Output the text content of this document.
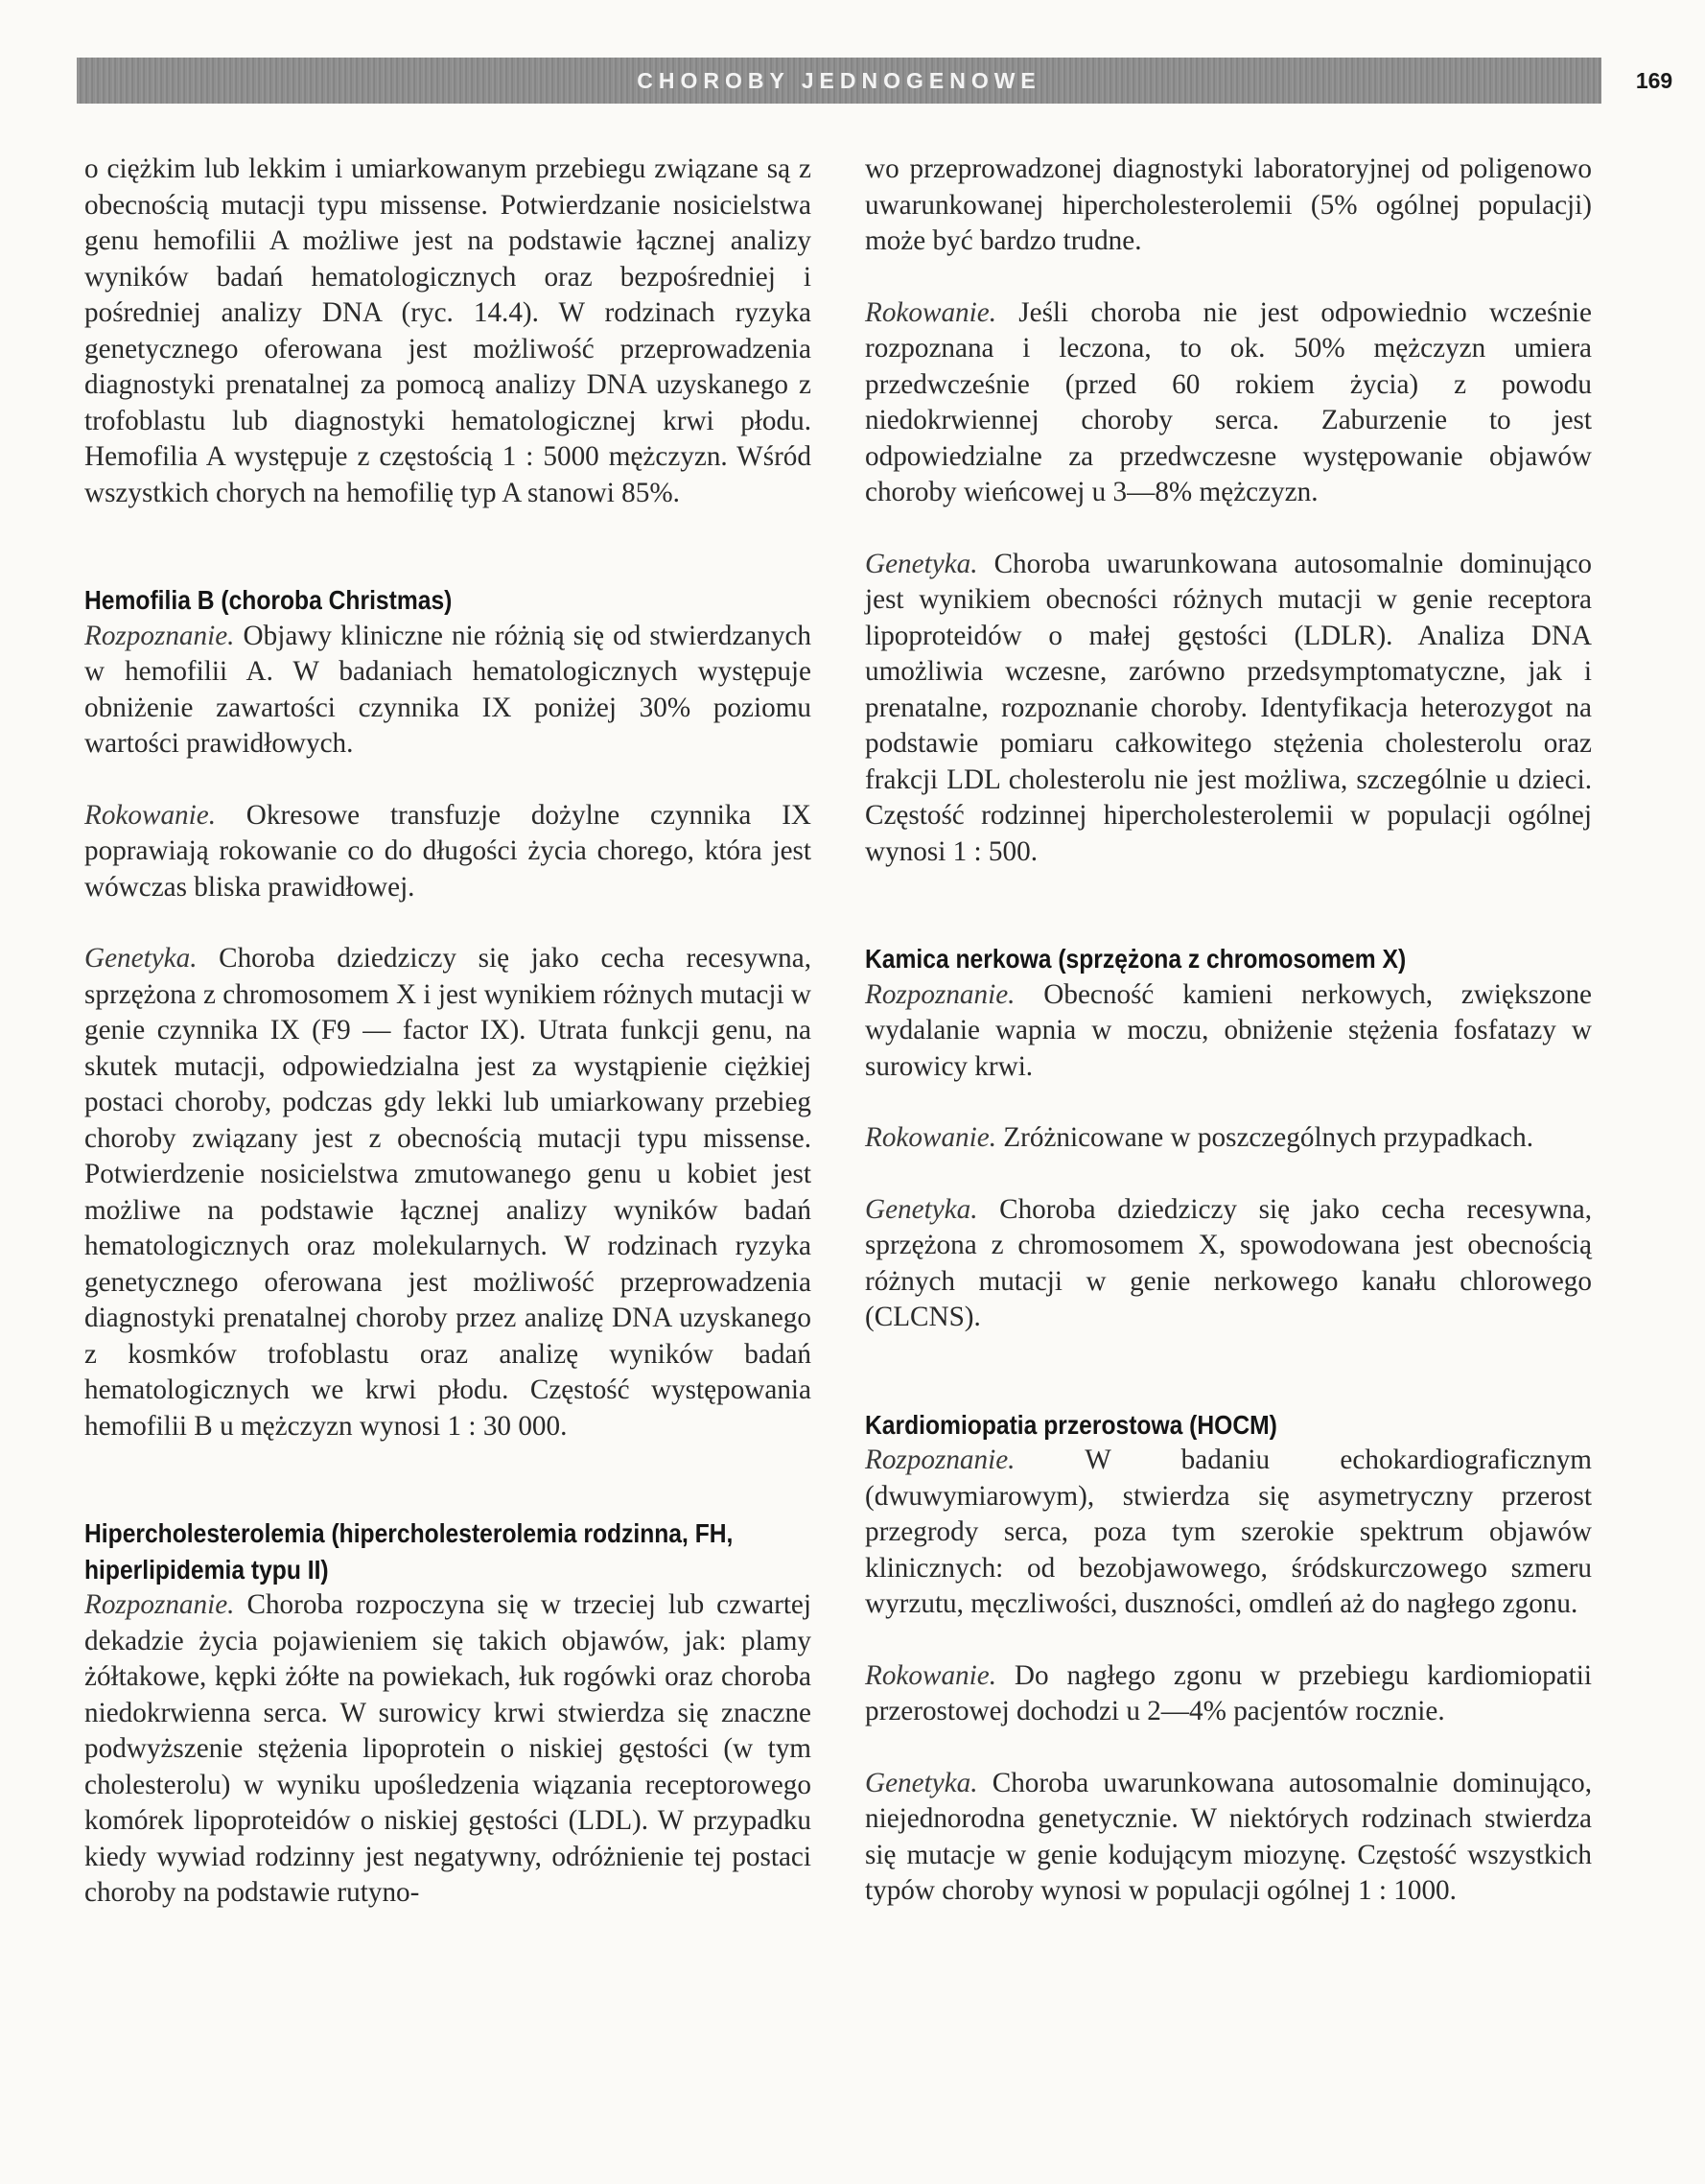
CHOROBY JEDNOGENOWE	169

o ciężkim lub lekkim i umiarkowanym przebiegu związane są z obecnością mutacji typu missense. Potwierdzanie nosicielstwa genu hemofilii A możliwe jest na podstawie łącznej analizy wyników badań hematologicznych oraz bezpośredniej i pośredniej analizy DNA (ryc. 14.4). W rodzinach ryzyka genetycznego oferowana jest możliwość przeprowadzenia diagnostyki prenatalnej za pomocą analizy DNA uzyskanego z trofoblastu lub diagnostyki hematologicznej krwi płodu. Hemofilia A występuje z częstością 1 : 5000 mężczyzn. Wśród wszystkich chorych na hemofilię typ A stanowi 85%.

Hemofilia B (choroba Christmas)

Rozpoznanie. Objawy kliniczne nie różnią się od stwierdzanych w hemofilii A. W badaniach hematologicznych występuje obniżenie zawartości czynnika IX poniżej 30% poziomu wartości prawidłowych.

Rokowanie. Okresowe transfuzje dożylne czynnika IX poprawiają rokowanie co do długości życia chorego, która jest wówczas bliska prawidłowej.

Genetyka. Choroba dziedziczy się jako cecha recesywna, sprzężona z chromosomem X i jest wynikiem różnych mutacji w genie czynnika IX (F9 — factor IX). Utrata funkcji genu, na skutek mutacji, odpowiedzialna jest za wystąpienie ciężkiej postaci choroby, podczas gdy lekki lub umiarkowany przebieg choroby związany jest z obecnością mutacji typu missense. Potwierdzenie nosicielstwa zmutowanego genu u kobiet jest możliwe na podstawie łącznej analizy wyników badań hematologicznych oraz molekularnych. W rodzinach ryzyka genetycznego oferowana jest możliwość przeprowadzenia diagnostyki prenatalnej choroby przez analizę DNA uzyskanego z kosmków trofoblastu oraz analizę wyników badań hematologicznych we krwi płodu. Częstość występowania hemofilii B u mężczyzn wynosi 1 : 30 000.

Hipercholesterolemia (hipercholesterolemia rodzinna, FH, hiperlipidemia typu II)

Rozpoznanie. Choroba rozpoczyna się w trzeciej lub czwartej dekadzie życia pojawieniem się takich objawów, jak: plamy żółtakowe, kępki żółte na powiekach, łuk rogówki oraz choroba niedokrwienna serca. W surowicy krwi stwierdza się znaczne podwyższenie stężenia lipoprotein o niskiej gęstości (w tym cholesterolu) w wyniku upośledzenia wiązania receptorowego komórek lipoproteidów o niskiej gęstości (LDL). W przypadku kiedy wywiad rodzinny jest negatywny, odróżnienie tej postaci choroby na podstawie rutyno-

wo przeprowadzonej diagnostyki laboratoryjnej od poligenowo uwarunkowanej hipercholesterolemii (5% ogólnej populacji) może być bardzo trudne.

Rokowanie. Jeśli choroba nie jest odpowiednio wcześnie rozpoznana i leczona, to ok. 50% mężczyzn umiera przedwcześnie (przed 60 rokiem życia) z powodu niedokrwiennej choroby serca. Zaburzenie to jest odpowiedzialne za przedwczesne występowanie objawów choroby wieńcowej u 3—8% mężczyzn.

Genetyka. Choroba uwarunkowana autosomalnie dominująco jest wynikiem obecności różnych mutacji w genie receptora lipoproteidów o małej gęstości (LDLR). Analiza DNA umożliwia wczesne, zarówno przedsymptomatyczne, jak i prenatalne, rozpoznanie choroby. Identyfikacja heterozygot na podstawie pomiaru całkowitego stężenia cholesterolu oraz frakcji LDL cholesterolu nie jest możliwa, szczególnie u dzieci. Częstość rodzinnej hipercholesterolemii w populacji ogólnej wynosi 1 : 500.

Kamica nerkowa (sprzężona z chromosomem X)

Rozpoznanie. Obecność kamieni nerkowych, zwiększone wydalanie wapnia w moczu, obniżenie stężenia fosfatazy w surowicy krwi.

Rokowanie. Zróżnicowane w poszczególnych przypadkach.

Genetyka. Choroba dziedziczy się jako cecha recesywna, sprzężona z chromosomem X, spowodowana jest obecnością różnych mutacji w genie nerkowego kanału chlorowego (CLCNS).

Kardiomiopatia przerostowa (HOCM)

Rozpoznanie. W badaniu echokardiograficznym (dwuwymiarowym), stwierdza się asymetryczny przerost przegrody serca, poza tym szerokie spektrum objawów klinicznych: od bezobjawowego, śródskurczowego szmeru wyrzutu, męczliwości, duszności, omdleń aż do nagłego zgonu.

Rokowanie. Do nagłego zgonu w przebiegu kardiomiopatii przerostowej dochodzi u 2—4% pacjentów rocznie.

Genetyka. Choroba uwarunkowana autosomalnie dominująco, niejednorodna genetycznie. W niektórych rodzinach stwierdza się mutacje w genie kodującym miozynę. Częstość wszystkich typów choroby wynosi w populacji ogólnej 1 : 1000.
